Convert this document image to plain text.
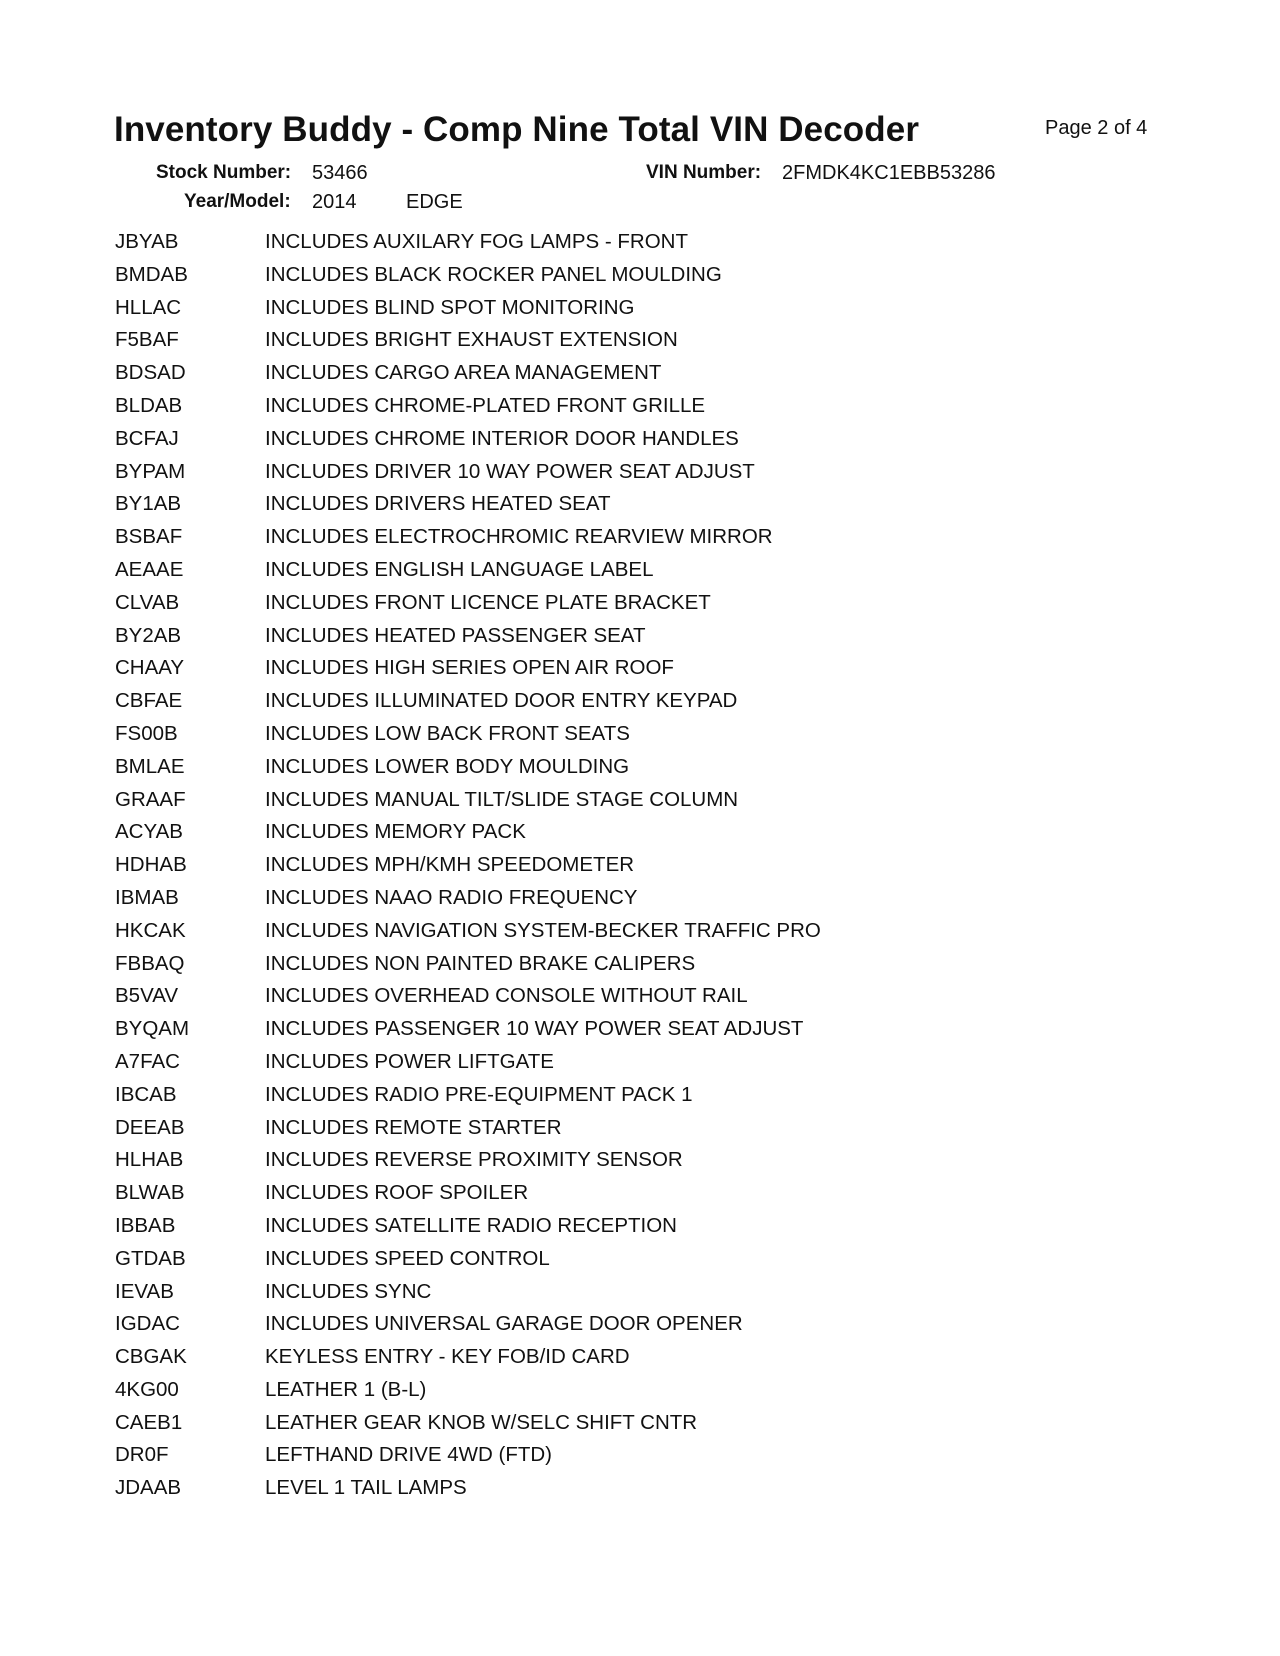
Inventory Buddy - Comp Nine Total VIN Decoder	Page 2 of 4
Stock Number: 53466	VIN Number: 2FMDK4KC1EBB53286
Year/Model: 2014 EDGE
JBYAB	INCLUDES AUXILARY FOG LAMPS - FRONT
BMDAB	INCLUDES BLACK ROCKER PANEL MOULDING
HLLAC	INCLUDES BLIND SPOT MONITORING
F5BAF	INCLUDES BRIGHT EXHAUST EXTENSION
BDSAD	INCLUDES CARGO AREA MANAGEMENT
BLDAB	INCLUDES CHROME-PLATED FRONT GRILLE
BCFAJ	INCLUDES CHROME INTERIOR DOOR HANDLES
BYPAM	INCLUDES DRIVER 10 WAY POWER SEAT ADJUST
BY1AB	INCLUDES DRIVERS HEATED SEAT
BSBAF	INCLUDES ELECTROCHROMIC REARVIEW MIRROR
AEAAE	INCLUDES ENGLISH LANGUAGE LABEL
CLVAB	INCLUDES FRONT LICENCE PLATE BRACKET
BY2AB	INCLUDES HEATED PASSENGER SEAT
CHAAY	INCLUDES HIGH SERIES OPEN AIR ROOF
CBFAE	INCLUDES ILLUMINATED DOOR ENTRY KEYPAD
FS00B	INCLUDES LOW BACK FRONT SEATS
BMLAE	INCLUDES LOWER BODY MOULDING
GRAAF	INCLUDES MANUAL TILT/SLIDE STAGE COLUMN
ACYAB	INCLUDES MEMORY PACK
HDHAB	INCLUDES MPH/KMH SPEEDOMETER
IBMAB	INCLUDES NAAO RADIO FREQUENCY
HKCAK	INCLUDES NAVIGATION SYSTEM-BECKER TRAFFIC PRO
FBBAQ	INCLUDES NON PAINTED BRAKE CALIPERS
B5VAV	INCLUDES OVERHEAD CONSOLE WITHOUT RAIL
BYQAM	INCLUDES PASSENGER 10 WAY POWER SEAT ADJUST
A7FAC	INCLUDES POWER LIFTGATE
IBCAB	INCLUDES RADIO PRE-EQUIPMENT PACK 1
DEEAB	INCLUDES REMOTE STARTER
HLHAB	INCLUDES REVERSE PROXIMITY SENSOR
BLWAB	INCLUDES ROOF SPOILER
IBBAB	INCLUDES SATELLITE RADIO RECEPTION
GTDAB	INCLUDES SPEED CONTROL
IEVAB	INCLUDES SYNC
IGDAC	INCLUDES UNIVERSAL GARAGE DOOR OPENER
CBGAK	KEYLESS ENTRY - KEY FOB/ID CARD
4KG00	LEATHER 1 (B-L)
CAEB1	LEATHER GEAR KNOB W/SELC SHIFT CNTR
DR0F	LEFTHAND DRIVE 4WD (FTD)
JDAAB	LEVEL 1 TAIL LAMPS
